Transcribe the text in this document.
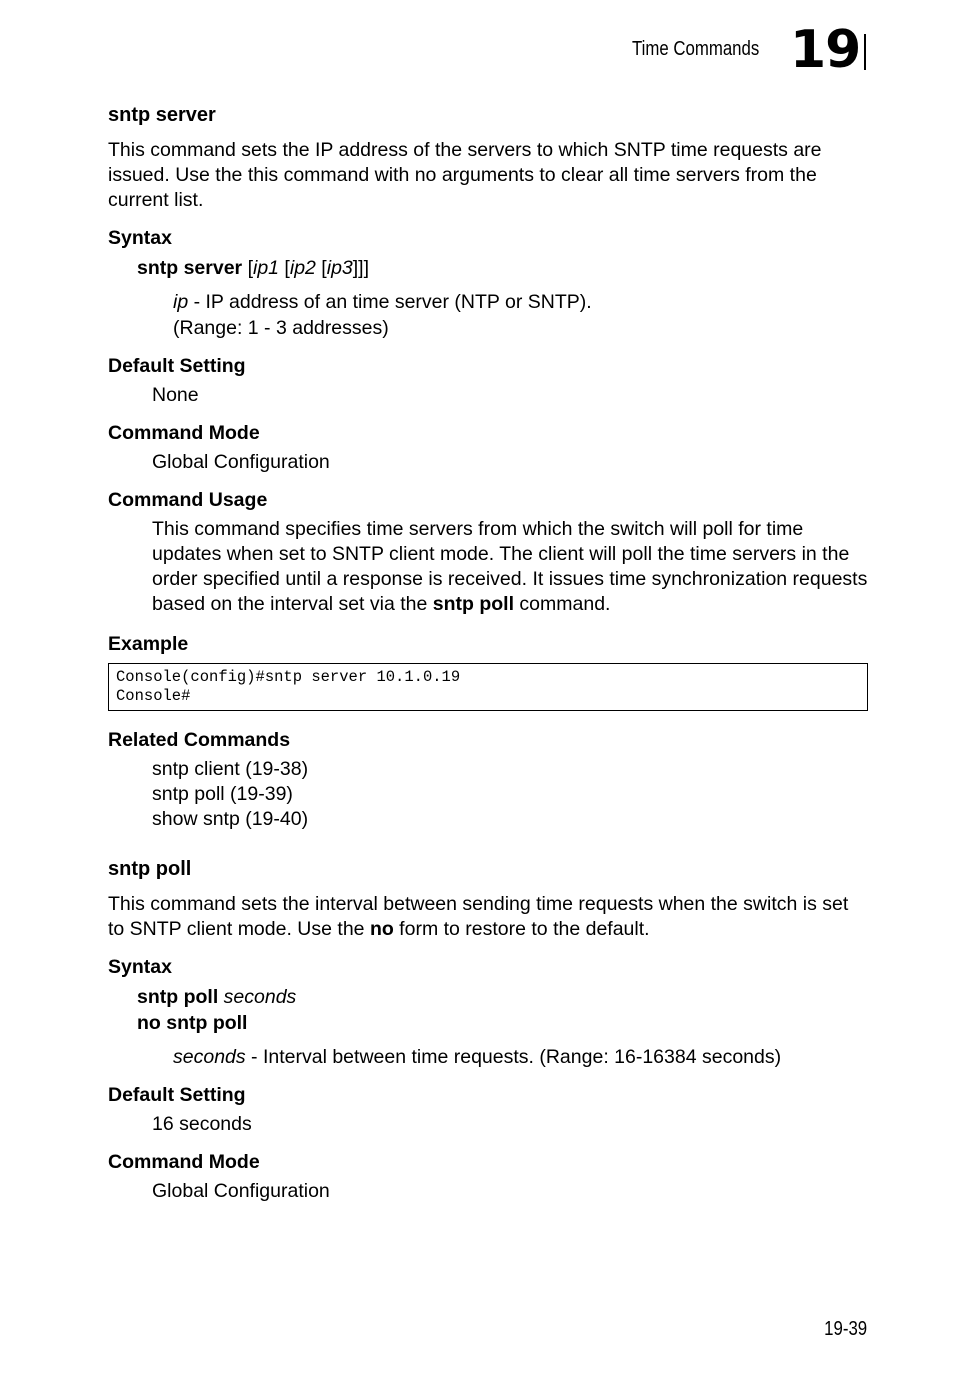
Time Commands 19
sntp server

This command sets the IP address of the servers to which SNTP time requests are issued. Use the this command with no arguments to clear all time servers from the current list.

Syntax
sntp server [ip1 [ip2 [ip3]]]
ip - IP address of an time server (NTP or SNTP).
(Range: 1 - 3 addresses)
Default Setting
None
Command Mode
Global Configuration
Command Usage
This command specifies time servers from which the switch will poll for time updates when set to SNTP client mode. The client will poll the time servers in the order specified until a response is received. It issues time synchronization requests based on the interval set via the sntp poll command.
Example
Console(config)#sntp server 10.1.0.19
Console#
Related Commands
sntp client (19-38)
sntp poll (19-39)
show sntp (19-40)
sntp poll

This command sets the interval between sending time requests when the switch is set to SNTP client mode. Use the no form to restore to the default.

Syntax
sntp poll seconds
no sntp poll
seconds - Interval between time requests. (Range: 16-16384 seconds)
Default Setting
16 seconds
Command Mode
Global Configuration
19-39
